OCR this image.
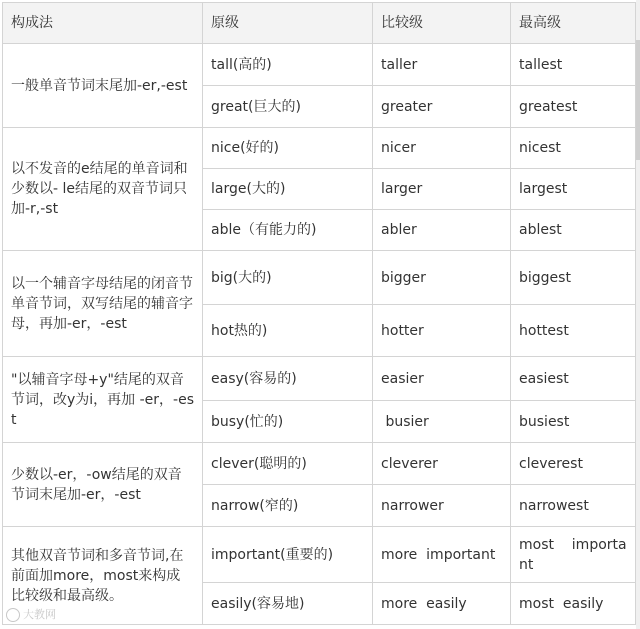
构成法	原级	比较级	最高级
一般单音节词末尾加-er,-est	tall(高的)	taller	tallest
	great(巨大的)	greater	greatest
以不发音的e结尾的单音词和少数以- le结尾的双音节词只加-r,-st	nice(好的)	nicer	nicest
	large(大的)	larger	largest
	able（有能力的)	abler	ablest
以一个辅音字母结尾的闭音节单音节词，双写结尾的辅音字母，再加-er，-est	big(大的)	bigger	biggest
	hot热的)	hotter	hottest
"以辅音字母+y"结尾的双音节词，改y为i，再加 -er，-est	easy(容易的)	easier	easiest
	busy(忙的)	busier	busiest
少数以-er，-ow结尾的双音节词末尾加-er，-est	clever(聪明的)	cleverer	cleverest
	narrow(窄的)	narrower	narrowest
其他双音节词和多音节词,在前面加more，most来构成比较级和最高级。	important(重要的)	more  important	most    important
	easily(容易地)	more  easily	most  easily
大教网
